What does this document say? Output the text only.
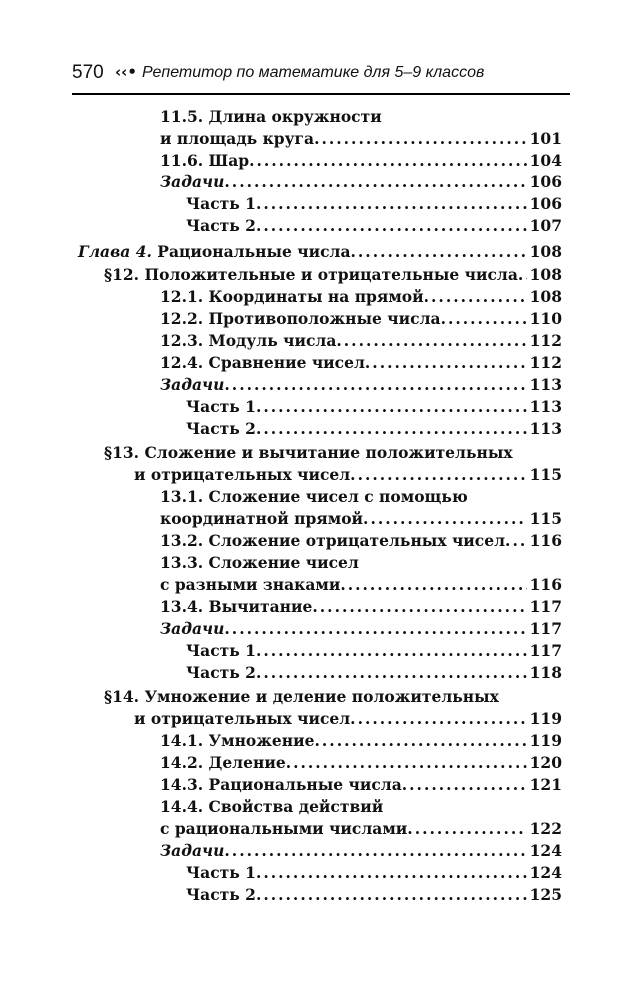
570 ‹‹• Репетитор по математике для 5–9 классов
11.5. Длина окружности
и площадь круга .....	101
11.6. Шар .....	104
Задачи .....	106
Часть 1 .....	106
Часть 2 .....	107
Глава 4. Рациональные числа .....	108
§12. Положительные и отрицательные числа ..... 108
12.1. Координаты на прямой .....	108
12.2. Противоположные числа .....	110
12.3. Модуль числа .....	112
12.4. Сравнение чисел .....	112
Задачи .....	113
Часть 1 .....	113
Часть 2 .....	113
§13. Сложение и вычитание положительных
и отрицательных чисел .....	115
13.1. Сложение чисел с помощью
координатной прямой .....	115
13.2. Сложение отрицательных чисел ..... 116
13.3. Сложение чисел
с разными знаками .....	116
13.4. Вычитание .....	117
Задачи .....	117
Часть 1 .....	117
Часть 2 .....	118
§14. Умножение и деление положительных
и отрицательных чисел .....	119
14.1. Умножение .....	119
14.2. Деление .....	120
14.3. Рациональные числа .....	121
14.4. Свойства действий
с рациональными числами .....	122
Задачи .....	124
Часть 1 .....	124
Часть 2 .....	125
